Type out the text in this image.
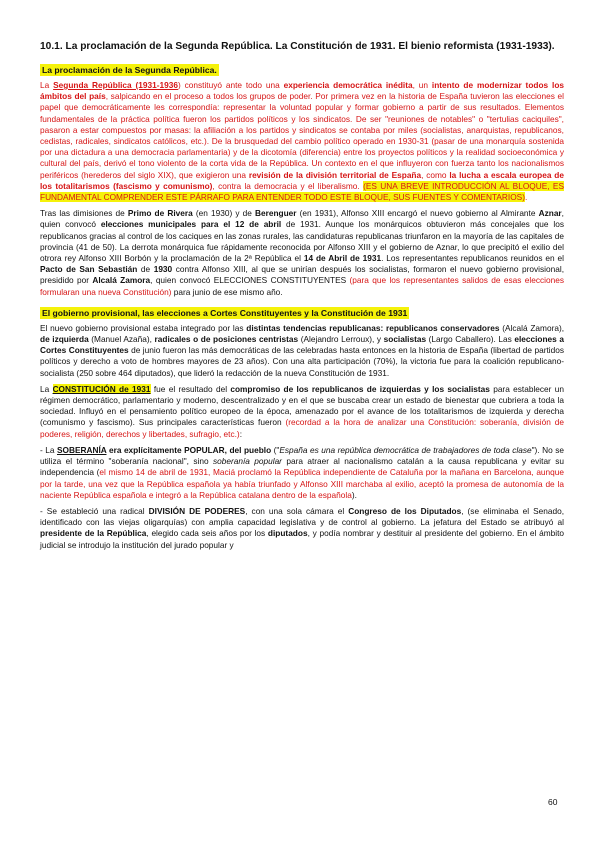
10.1. La proclamación de la Segunda República. La Constitución de 1931. El bienio reformista (1931-1933).
La proclamación de la Segunda República.

La Segunda República (1931-1936) constituyó ante todo una experiencia democrática inédita, un intento de modernizar todos los ámbitos del país, salpicando en el proceso a todos los grupos de poder. Por primera vez en la historia de España tuvieron las elecciones el papel que democráticamente les correspondía: representar la voluntad popular y formar gobierno a partir de sus resultados. Elementos fundamentales de la práctica política fueron los partidos políticos y los sindicatos. De ser "reuniones de notables" o "tertulias caciquiles", pasaron a estar compuestos por masas: la afiliación a los partidos y sindicatos se contaba por miles (socialistas, anarquistas, republicanos, cedistas, radicales, sindicatos católicos, etc.). De la brusquedad del cambio político operado en 1930-31 (pasar de una monarquía sostenida por una dictadura a una democracia parlamentaria) y de la dicotomía (diferencia) entre los proyectos políticos y la realidad socioeconómica y cultural del país, derivó el tono violento de la corta vida de la República. Un contexto en el que influyeron con fuerza tanto los nacionalismos periféricos (herederos del siglo XIX), que exigieron una revisión de la división territorial de España, como la lucha a escala europea de los totalitarismos (fascismo y comunismo), contra la democracia y el liberalismo. (ES UNA BREVE INTRODUCCIÓN AL BLOQUE, ES FUNDAMENTAL COMPRENDER ESTE PÁRRAFO PARA ENTENDER TODO ESTE BLOQUE, SUS FUENTES Y COMENTARIOS).

Tras las dimisiones de Primo de Rivera (en 1930) y de Berenguer (en 1931), Alfonso XIII encargó el nuevo gobierno al Almirante Aznar, quien convocó elecciones municipales para el 12 de abril de 1931. Aunque los monárquicos obtuvieron más concejales que los republicanos gracias al control de los caciques en las zonas rurales, las candidaturas republicanas triunfaron en la mayoría de las capitales de provincia (41 de 50). La derrota monárquica fue rápidamente reconocida por Alfonso XIII y el gobierno de Aznar, lo que precipitó el exilio del otrora rey Alfonso XIII Borbón y la proclamación de la 2ª República el 14 de Abril de 1931. Los representantes republicanos reunidos en el Pacto de San Sebastián de 1930 contra Alfonso XIII, al que se unirían después los socialistas, formaron el nuevo gobierno provisional, presidido por Alcalá Zamora, quien convocó ELECCIONES CONSTITUYENTES (para que los representantes salidos de esas elecciones formularan una nueva Constitución) para junio de ese mismo año.

El gobierno provisional, las elecciones a Cortes Constituyentes y la Constitución de 1931

El nuevo gobierno provisional estaba integrado por las distintas tendencias republicanas: republicanos conservadores (Alcalá Zamora), de izquierda (Manuel Azaña), radicales o de posiciones centristas (Alejandro Lerroux), y socialistas (Largo Caballero). Las elecciones a Cortes Constituyentes de junio fueron las más democráticas de las celebradas hasta entonces en la historia de España (libertad de partidos políticos y derecho a voto de hombres mayores de 23 años). Con una alta participación (70%), la victoria fue para la coalición republicano-socialista (250 sobre 464 diputados), que lideró la redacción de la nueva Constitución de 1931.

La CONSTITUCIÓN de 1931 fue el resultado del compromiso de los republicanos de izquierdas y los socialistas para establecer un régimen democrático, parlamentario y moderno, descentralizado y en el que se buscaba crear un estado de bienestar que cubriera a toda la sociedad. Influyó en el pensamiento político europeo de la época, amenazado por el avance de los totalitarismos de izquierda y derecha (comunismo y fascismo). Sus principales características fueron (recordad a la hora de analizar una Constitución: soberanía, división de poderes, religión, derechos y libertades, sufragio, etc.):

- La SOBERANÍA era explícitamente POPULAR, del pueblo ("España es una república democrática de trabajadores de toda clase"). No se utiliza el término "soberanía nacional", sino soberanía popular para atraer al nacionalismo catalán a la causa republicana y evitar su independencia (el mismo 14 de abril de 1931, Maciá proclamó la República independiente de Cataluña por la mañana en Barcelona, aunque por la tarde, una vez que la República española ya había triunfado y Alfonso XIII marchaba al exilio, aceptó la promesa de autonomía de la naciente República española e integró a la República catalana dentro de la española).

- Se estableció una radical DIVISIÓN DE PODERES, con una sola cámara el Congreso de los Diputados, (se eliminaba el Senado, identificado con las viejas oligarquías) con amplia capacidad legislativa y de control al gobierno. La jefatura del Estado se atribuyó al presidente de la República, elegido cada seis años por los diputados, y podía nombrar y destituir al presidente del gobierno. En el ámbito judicial se introdujo la institución del jurado popular y

60
